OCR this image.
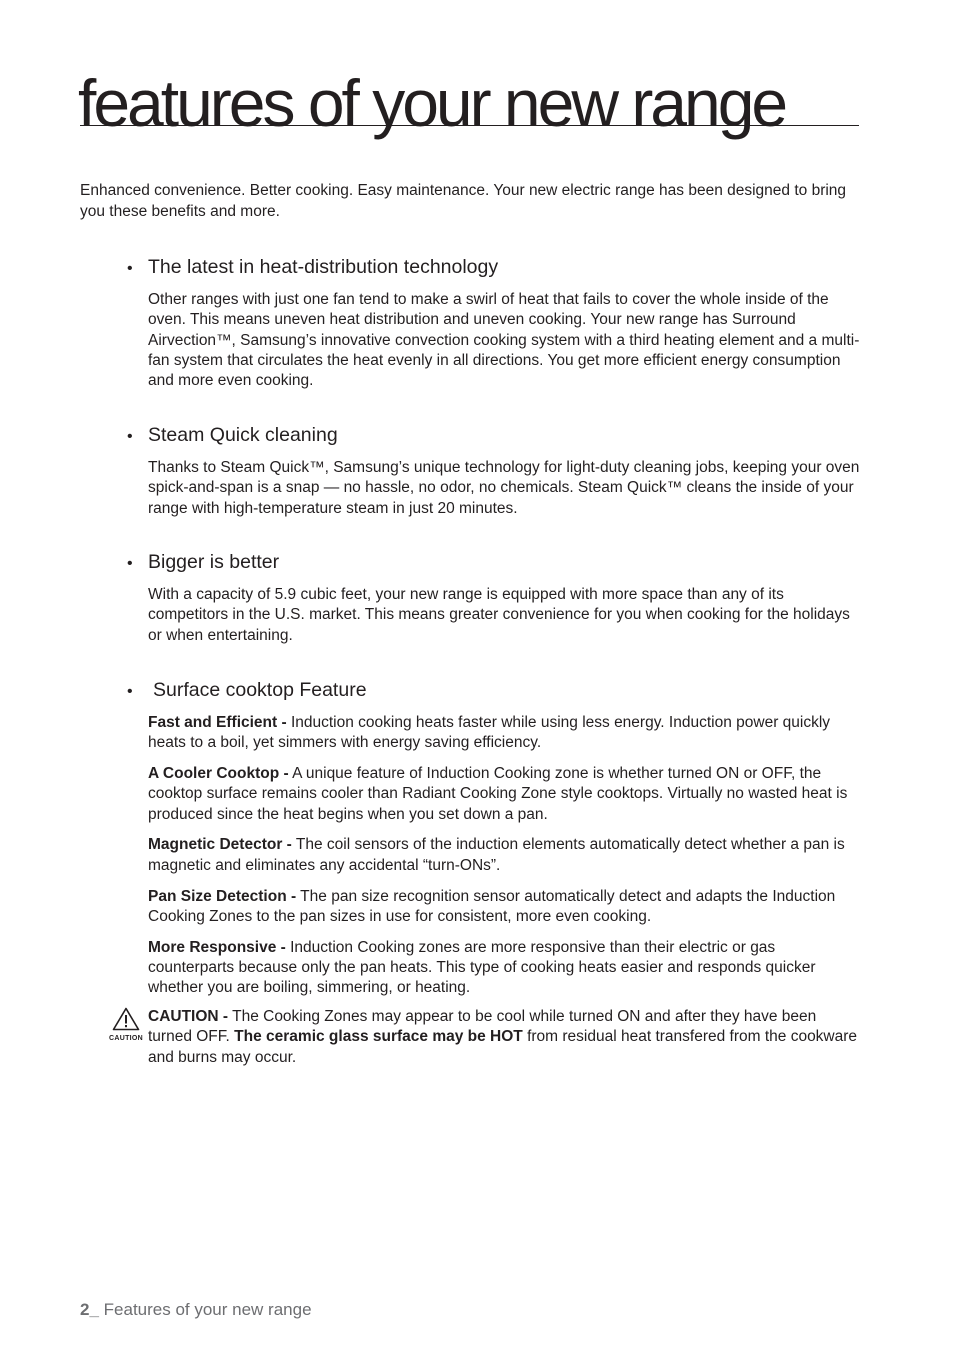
features of your new range

Enhanced convenience. Better cooking. Easy maintenance. Your new electric range has been designed to bring you these benefits and more.

• The latest in heat-distribution technology

Other ranges with just one fan tend to make a swirl of heat that fails to cover the whole inside of the oven. This means uneven heat distribution and uneven cooking. Your new range has Surround Airvection™, Samsung’s innovative convection cooking system with a third heating element and a multi-fan system that circulates the heat evenly in all directions. You get more efficient energy consumption and more even cooking.

• Steam Quick cleaning

Thanks to Steam Quick™, Samsung’s unique technology for light-duty cleaning jobs, keeping your oven spick-and-span is a snap — no hassle, no odor, no chemicals. Steam Quick™ cleans the inside of your range with high-temperature steam in just 20 minutes.

• Bigger is better

With a capacity of 5.9 cubic feet, your new range is equipped with more space than any of its competitors in the U.S. market. This means greater convenience for you when cooking for the holidays or when entertaining.

•	Surface cooktop Feature
Fast and Efficient - Induction cooking heats faster while using less energy. Induction power quickly heats to a boil, yet simmers with energy saving efficiency.
A Cooler Cooktop - A unique feature of Induction Cooking zone is whether turned ON or OFF, the cooktop surface remains cooler than Radiant Cooking Zone style cooktops. Virtually no wasted heat is produced since the heat begins when you set down a pan.
Magnetic Detector - The coil sensors of the induction elements automatically detect whether a pan is magnetic and eliminates any accidental “turn-ONs”.
Pan Size Detection - The pan size recognition sensor automatically detect and adapts the Induction Cooking Zones to the pan sizes in use for consistent, more even cooking.
More Responsive - Induction Cooking zones are more responsive than their electric or gas counterparts because only the pan heats. This type of cooking heats easier and responds quicker whether you are boiling, simmering, or heating.
CAUTION

CAUTION - The Cooking Zones may appear to be cool while turned ON and after they have been turned OFF. The ceramic glass surface may be HOT from residual heat transfered from the cookware and burns may occur.

2_ Features of your new range
